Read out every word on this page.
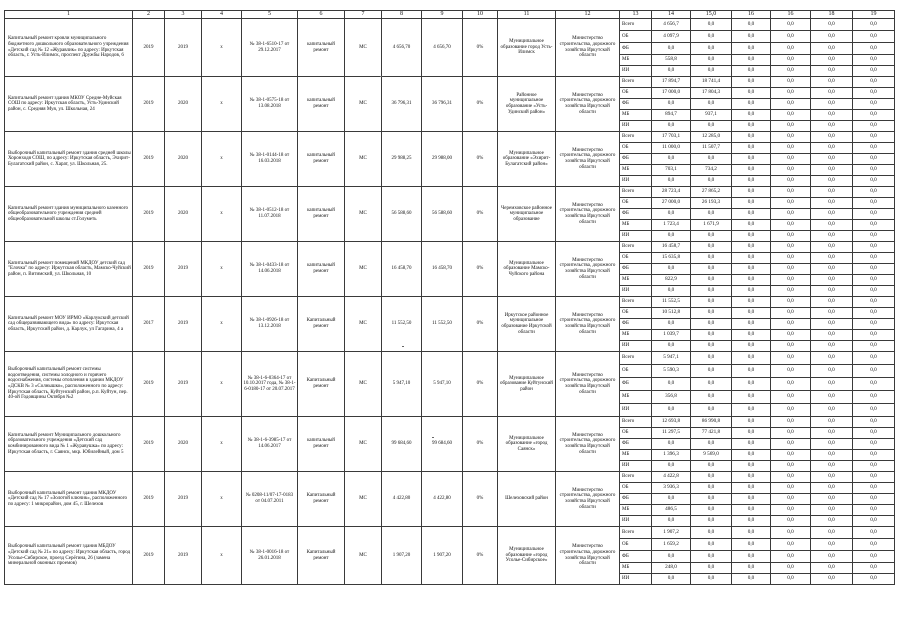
1	2	3	4	5	6	7	8	9	10	11	12	13	14	15,0	16	16	18	19
Капитальный ремонт кровли муниципального бюджетного дошкольного образовательного учреждения «Детский сад № 12 «Журавлик» по адресу: Иркутская область, г. Усть-Илимск, проспект Дружбы Народов, 6	2019	2019	х	№ 38-1-6510-17 от 29.12.2017	капитальный ремонт	МС	4 656,70	4 656,70	0%	Муниципальное образование город Усть-Илимск	Министерство строительства, дорожного хозяйства Иркутской области	Всего	4 656,7	0,0	0,0	0,0	0,0	0,0
												ОБ	4 097,9	0,0	0,0	0,0	0,0	0,0
												ФБ	0,0	0,0	0,0	0,0	0,0	0,0
												МБ	558,8	0,0	0,0	0,0	0,0	0,0
												ИИ	0,0	0,0	0,0	0,0	0,0	0,0
Капитальный ремонт здания МКОУ Средне-Муйская СОШ по адресу: Иркутская область, Усть-Удинский район, с. Средняя Муя, ул. Школьная, 24	2019	2020	х	№ 38-1-0575-18 от 13.08.2018	капитальный ремонт	МС	36 796,31	36 796,31	0%	Районное муниципальное образование «Усть-Удинский район»	Министерство строительства, дорожного хозяйства Иркутской области	Всего	17 894,7	18 741,4	0,0	0,0	0,0	0,0
												ОБ	17 000,0	17 804,3	0,0	0,0	0,0	0,0
												ФБ	0,0	0,0	0,0	0,0	0,0	0,0
												МБ	894,7	937,1	0,0	0,0	0,0	0,0
												ИИ	0,0	0,0	0,0	0,0	0,0	0,0
Выборочный капитальный ремонт здания средней школы Хоронходя СОШ, по адресу: Иркутская область, Эхирит-Булагатский район, с. Харат, ул. Школьная, 25.	2019	2020	х	№ 38-1-0144-18 от 16.03.2018	капитальный ремонт	МС	29 988,25	29 988,00	0%	Муниципальное образование «Эхирит-Булагатский район»	Министерство строительства, дорожного хозяйства Иркутской области	Всего	17 703,1	12 285,0	0,0	0,0	0,0	0,0
												ОБ	11 000,0	11 507,7	0,0	0,0	0,0	0,0
												ФБ	0,0	0,0	0,0	0,0	0,0	0,0
												МБ	703,1	734,2	0,0	0,0	0,0	0,0
												ИИ	0,0	0,0	0,0	0,0	0,0	0,0
Капитальный ремонт здания муниципального казенного общеобразовательного учреждения средней общеобразовательной школы ст.Голуметь	2019	2020	х	№ 38-1-0512-18 от 11.07.2018	капитальный ремонт	МС	56 588,60	56 588,60	0%	Черемховское районное муниципальное образование	Министерство строительства, дорожного хозяйства Иркутской области	Всего	28 723,4	27 865,2	0,0	0,0	0,0	0,0
												ОБ	27 000,0	26 193,3	0,0	0,0	0,0	0,0
												ФБ	0,0	0,0	0,0	0,0	0,0	0,0
												МБ	1 723,4	1 671,9	0,0	0,0	0,0	0,0
												ИИ	0,0	0,0	0,0	0,0	0,0	0,0
Капитальный ремонт помещений МКДОУ детский сад "Елочка" по адресу: Иркутская область, Мамско-Чуйский район, п. Витимский, ул. Школьная, 10	2019	2019	х	№ 38-1-0433-18 от 14.06.2018	капитальный ремонт	МС	16 458,70	16 458,70	0%	Муниципальное образование Мамско-Чуйского района	Министерство строительства, дорожного хозяйства Иркутской области	Всего	16 458,7	0,0	0,0	0,0	0,0	0,0
												ОБ	15 635,8	0,0	0,0	0,0	0,0	0,0
												ФБ	0,0	0,0	0,0	0,0	0,0	0,0
												МБ	822,9	0,0	0,0	0,0	0,0	0,0
												ИИ	0,0	0,0	0,0	0,0	0,0	0,0
Капитальный ремонт МОУ ИРМО «Карлукский детский сад общеразвивающего вида» по адресу: Иркутская область, Иркутский район, д. Карлук, ул Гагарина, 4 а	2017	2019	х	№ 38-1-0926-18 от 13.12.2018	Капитальный ремонт	МС	11 552,50	11 552,50	0%	Иркутское районное муниципальное образование Иркутской области	Министерство строительства, дорожного хозяйства Иркутской области	Всего	11 552,5	0,0	0,0	0,0	0,0	0,0
												ОБ	10 512,8	0,0	0,0	0,0	0,0	0,0
												ФБ	0,0	0,0	0,0	0,0	0,0	0,0
												МБ	1 039,7	0,0	0,0	0,0	0,0	0,0
												ИИ	0,0	0,0	0,0	0,0	0,0	0,0
Выборочный капитальный ремонт системы водоотведения, системы холодного и горячего водоснабжения, системы отопления в здании МКДОУ «ДСКВ № 3 «Солнышко», расположенного по адресу: Иркутская область, Куйтунский район, р.п. Куйтун, пер. 40-ой Годовщины Октября №2	2019	2019	х	№ 38-1-6-0364-17 от 10.10.2017 года, № 38-1-6-0180-17 от 20.07.2017	Капитальный ремонт	МС	5 947,10	5 947,10	0%	Муниципальное образование Куйтунский район	Министерство строительства, дорожного хозяйства Иркутской области	Всего	5 947,1	0,0	0,0	0,0	0,0	0,0
												ОБ	5 590,3	0,0	0,0	0,0	0,0	0,0
												ФБ	0,0	0,0	0,0	0,0	0,0	0,0
												МБ	356,8	0,0	0,0	0,0	0,0	0,0
												ИИ	0,0	0,0	0,0	0,0	0,0	0,0
Капитальный ремонт Муниципального дошкольного образовательного учреждения «Детский сад комбинированного вида № 1 «Журавушка» по адресу: Иркутская область, г. Саянск, мкр. Юбилейный, дом 5	2019	2020	х	№ 38-1-6-3985-17 от 14.06.2017	капитальный ремонт	МС	99 684,60	99 684,60	0%	Муниципальное образование «город Саянск»	Министерство строительства, дорожного хозяйства Иркутской области	Всего	12 693,8	86 990,8	0,0	0,0	0,0	0,0
												ОБ	11 297,5	77 421,8	0,0	0,0	0,0	0,0
												ФБ	0,0	0,0	0,0	0,0	0,0	0,0
												МБ	1 396,3	9 569,0	0,0	0,0	0,0	0,0
												ИИ	0,0	0,0	0,0	0,0	0,0	0,0
Выборочный капитальный ремонт здания МКДОУ «Детский сад № 17 «Золотой ключик», расположенного по адресу: 1 микрорайон, дом 45, г. Шелехов	2019	2019	х	№ 0208-11/07-17-0183 от 04.07.2011	Капитальный ремонт	МС	4 422,80	4 422,80	0%	Шелеховский район	Министерство строительства, дорожного хозяйства Иркутской области	Всего	4 422,8	0,0	0,0	0,0	0,0	0,0
												ОБ	3 936,3	0,0	0,0	0,0	0,0	0,0
												ФБ	0,0	0,0	0,0	0,0	0,0	0,0
												МБ	486,5	0,0	0,0	0,0	0,0	0,0
												ИИ	0,0	0,0	0,0	0,0	0,0	0,0
Выборочный капитальный ремонт здания МБДОУ «Детский сад № 21» по адресу: Иркутская область, город Усолье-Сибирское, проезд Серёгина, 26 (замена минеральной оконных проемов)	2019	2019	х	№ 38-1-0016-18 от 26.01.2018	Капитальный ремонт	МС	1 907,20	1 907,20	0%	Муниципальное образование «город Усолье-Сибирское»	Министерство строительства, дорожного хозяйства Иркутской области	Всего	1 907,2	0,0	0,0	0,0	0,0	0,0
												ОБ	1 659,2	0,0	0,0	0,0	0,0	0,0
												ФБ	0,0	0,0	0,0	0,0	0,0	0,0
												МБ	248,0	0,0	0,0	0,0	0,0	0,0
												ИИ	0,0	0,0	0,0	0,0	0,0	0,0
